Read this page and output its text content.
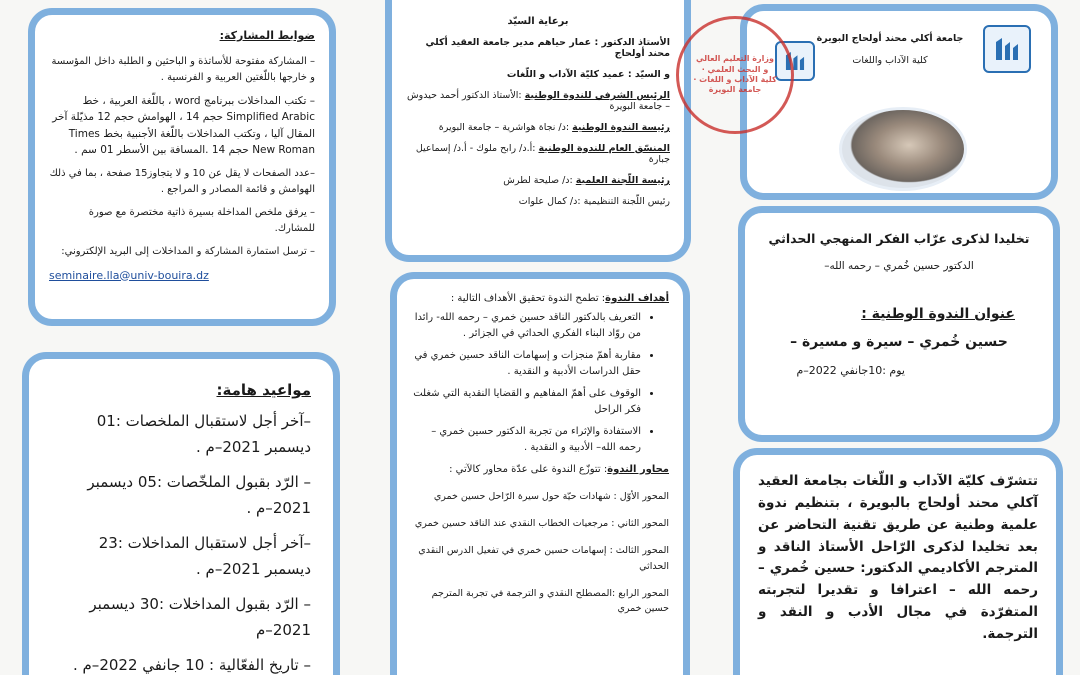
ضوابط المشاركة:

– المشاركة مفتوحة للأساتذة و الباحثين و الطلبة داخل المؤسسة و خارجها باللّغتين العربية و الفرنسية .

– تكتب المداخلات ببرنامج word ، باللّغة العربية ، خط Simplified Arabic حجم 14 ، الهوامش حجم 12 مذيّلة آخر المقال آليا ، وتكتب المداخلات باللّغة الأجنبية بخط Times New Roman حجم 14 .المسافة بين الأسطر 01 سم .

–عدد الصفحات لا يقل عن 10 و لا يتجاوز15 صفحة ، بما في ذلك الهوامش و قائمة المصادر و المراجع .

– يرفق ملخص المداخلة بسيرة ذاتية مختصرة مع صورة للمشارك.

– ترسل استمارة المشاركة و المداخلات إلى البريد الإلكتروني:

seminaire.lla@univ-bouira.dz
مواعيد هامة:

–آخر أجل لاستقبال الملخصات :01 ديسمبر 2021–م .

– الرّد بقبول الملخّصات :05 ديسمبر 2021–م .

–آخر أجل لاستقبال المداخلات :23 ديسمبر 2021–م .

– الرّد بقبول المداخلات :30 ديسمبر 2021–م

– تاريخ الفعّالية : 10 جانفي 2022–م .

برعاية السيّد

الأستاذ الدكتور : عمار حياهم مدير جامعة العقيد أكلي محند أولحاج

و السيّد : عميد كليّة الآداب و اللّغات

الرئيس الشرفي للندوة الوطنية :الأستاذ الدكتور أحمد حيدوش – جامعة البويرة

رئيسة الندوة الوطنية :د/ نجاة هواشرية – جامعة البويرة

المنسّق العام للندوة الوطنية :أ.د/ رابح ملوك - أ.د/ إسماعيل جبارة

رئيسة اللّجنة العلمية :د/ صليحة لطرش

رئيس اللّجنة التنظيمية :د/ كمال علوات

أهداف الندوة: تطمح الندوة تحقيق الأهداف التالية :

• التعريف بالدكتور الناقد حسين خمري – رحمه الله- رائدا من روّاد البناء الفكري الحداثي في الجزائر .
• مقاربة أهمّ منجزات و إسهامات الناقد حسين خمري في حقل الدراسات الأدبية و النقدية .
• الوقوف على أهمّ المفاهيم و القضايا النقدية التي شغلت فكر الراحل
• الاستفادة والإثراء من تجربة الدكتور حسين خمري – رحمه الله– الأدبية و النقدية .

محاور الندوة: تتوزّع الندوة على عدّة محاور كالآتي :

المحور الأوّل : شهادات حيّة حول سيرة الرّاحل حسين خمري

المحور الثاني : مرجعيات الخطاب النقدي عند الناقد حسين خمري

المحور الثالث : إسهامات حسين خمري في تفعيل الدرس النقدي الحداثي

المحور الرابع :المصطلح النقدي و الترجمة في تجربة المترجم حسين خمري

جامعة أكلي محند أولحاج البويرة
كلية الآداب واللغات
وزارة التعليم العالي و البحث العلمي · كلية الآداب و اللغات · جامعة البويرة
تخليدا لذكرى عرّاب الفكر المنهجي الحداثي
الدكتور حسين خُمري – رحمه الله–
عنوان الندوة الوطنية :
حسين خُمري – سيرة و مسيرة –
يوم :10جانفي 2022–م

تتشرّف كليّة الآداب و اللّغات بجامعة العقيد آكلي محند أولحاج بالبويرة ، بتنظيم ندوة علمية وطنية عن طريق تقنية التحاضر عن بعد تخليدا لذكرى الرّاحل الأستاذ الناقد و المترجم الأكاديمي الدكتور: حسين خُمري –رحمه الله – اعترافا و تقديرا لتجربته المتفرّدة في مجال الأدب و النقد و الترجمة.
